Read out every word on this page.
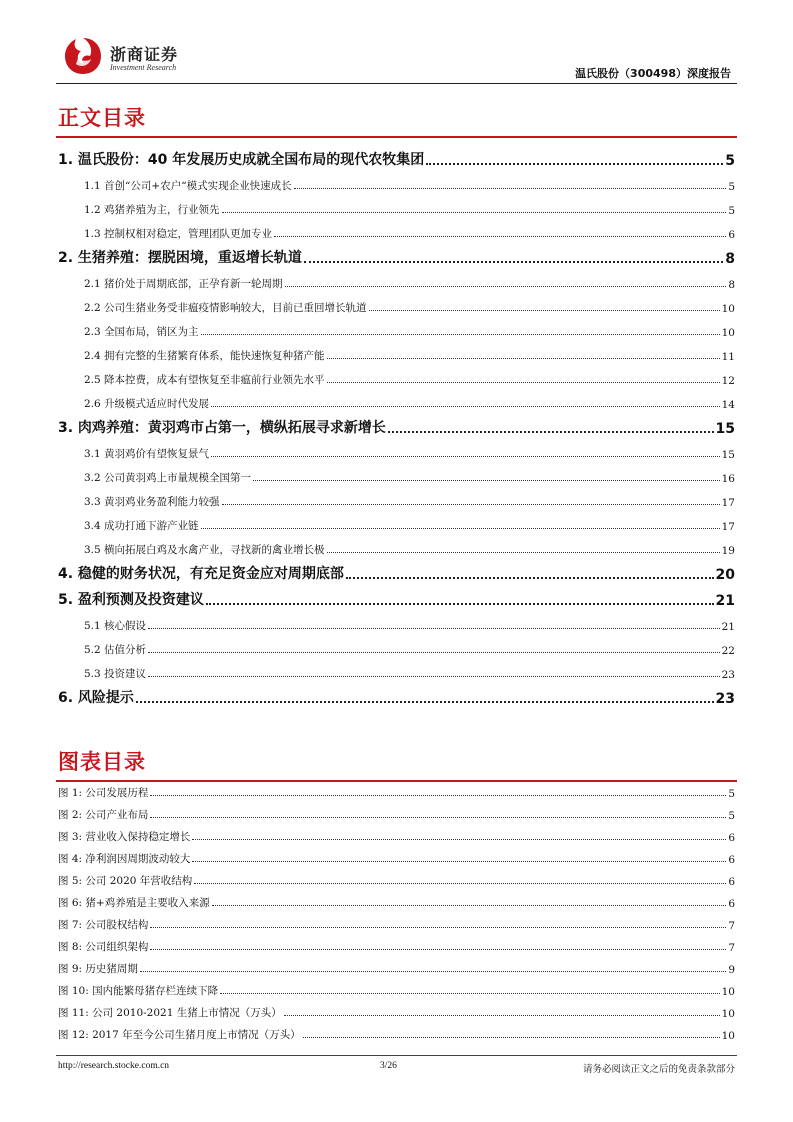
浙商证券
Investment Research	温氏股份（300498）深度报告
正文目录
1. 温氏股份：40 年发展历史成就全国布局的现代农牧集团	5
1.1 首创“公司+农户“模式实现企业快速成长	5
1.2 鸡猪养殖为主，行业领先	5
1.3 控制权相对稳定，管理团队更加专业	6
2. 生猪养殖：摆脱困境，重返增长轨道	8
2.1 猪价处于周期底部，正孕育新一轮周期	8
2.2 公司生猪业务受非瘟疫情影响较大，目前已重回增长轨道	10
2.3 全国布局，销区为主	10
2.4 拥有完整的生猪繁育体系，能快速恢复种猪产能	11
2.5 降本控费，成本有望恢复至非瘟前行业领先水平	12
2.6 升级模式适应时代发展	14
3. 肉鸡养殖：黄羽鸡市占第一，横纵拓展寻求新增长	15
3.1 黄羽鸡价有望恢复景气	15
3.2 公司黄羽鸡上市量规模全国第一	16
3.3 黄羽鸡业务盈利能力较强	17
3.4 成功打通下游产业链	17
3.5 横向拓展白鸡及水禽产业，寻找新的禽业增长极	19
4. 稳健的财务状况，有充足资金应对周期底部	20
5. 盈利预测及投资建议	21
5.1 核心假设	21
5.2 估值分析	22
5.3 投资建议	23
6. 风险提示	23
图表目录
图 1: 公司发展历程	5
图 2: 公司产业布局	5
图 3: 营业收入保持稳定增长	6
图 4: 净利润因周期波动较大	6
图 5: 公司 2020 年营收结构	6
图 6: 猪+鸡养殖是主要收入来源	6
图 7: 公司股权结构	7
图 8: 公司组织架构	7
图 9: 历史猪周期	9
图 10: 国内能繁母猪存栏连续下降	10
图 11: 公司 2010-2021 生猪上市情况（万头）	10
图 12: 2017 年至今公司生猪月度上市情况（万头）	10
http://research.stocke.com.cn	3/26	请务必阅读正文之后的免责条款部分
